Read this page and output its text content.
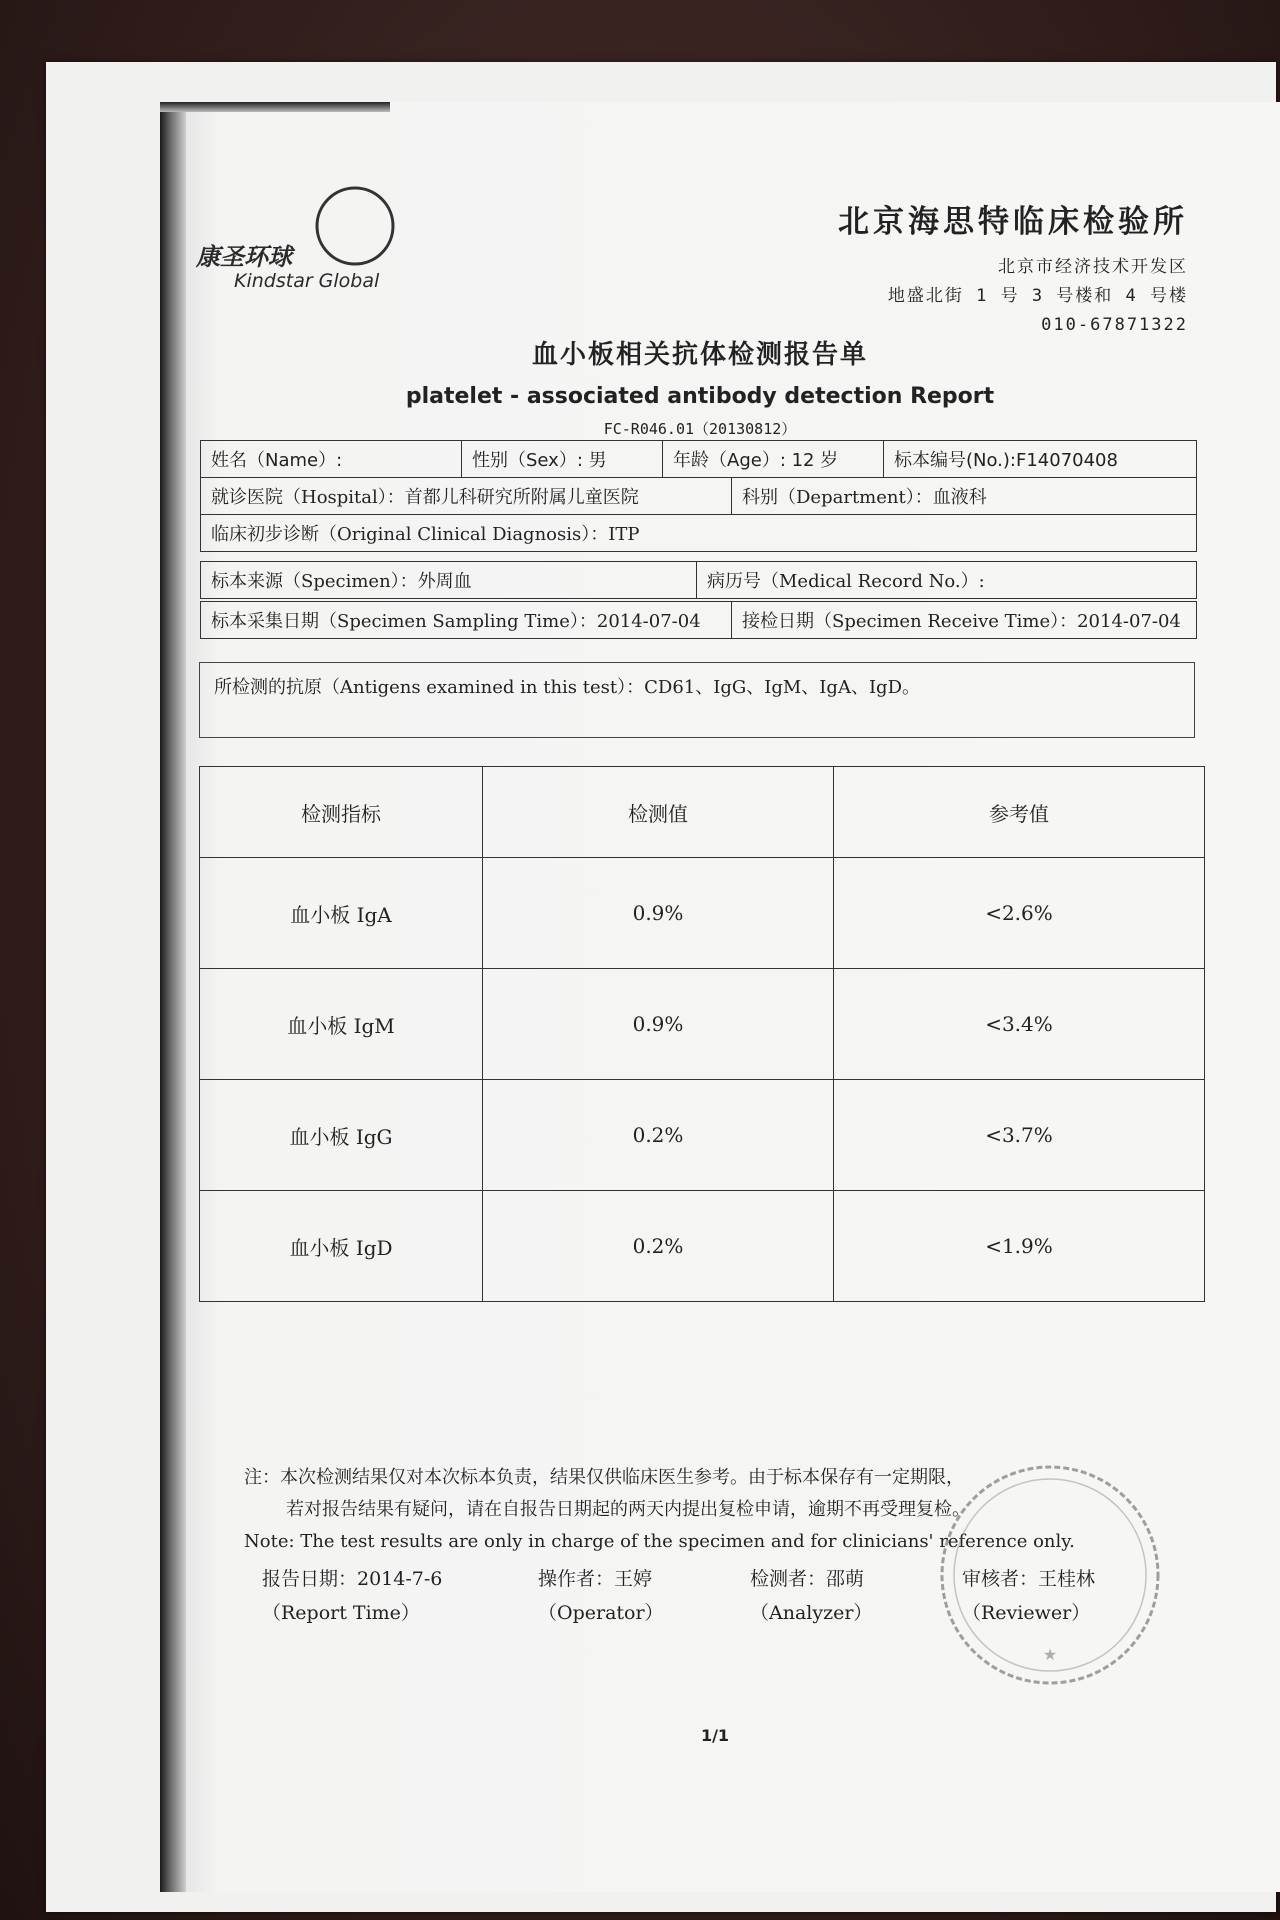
康圣环球
Kindstar Global
北京海思特临床检验所
北京市经济技术开发区
地盛北街 1 号 3 号楼和 4 号楼
010-67871322
血小板相关抗体检测报告单
platelet - associated antibody detection Report
FC-R046.01（20130812）
姓名（Name）:	性别（Sex）: 男	年龄（Age）: 12 岁	标本编号(No.):F14070408
就诊医院（Hospital）：首都儿科研究所附属儿童医院	科别（Department）：血液科
临床初步诊断（Original Clinical Diagnosis）：ITP
标本来源（Specimen）：外周血	病历号（Medical Record No.）:
标本采集日期（Specimen Sampling Time）：2014-07-04	接检日期（Specimen Receive Time）：2014-07-04
所检测的抗原（Antigens examined in this test）：CD61、IgG、IgM、IgA、IgD。
检测指标	检测值	参考值
血小板 IgA	0.9%	<2.6%
血小板 IgM	0.9%	<3.4%
血小板 IgG	0.2%	<3.7%
血小板 IgD	0.2%	<1.9%
注：本次检测结果仅对本次标本负责，结果仅供临床医生参考。由于标本保存有一定期限，
若对报告结果有疑问，请在自报告日期起的两天内提出复检申请，逾期不再受理复检。
Note: The test results are only in charge of the specimen and for clinicians' reference only.
报告日期：2014-7-6
（Report Time）
操作者：王婷
（Operator）
检测者：邵萌
（Analyzer）
审核者：王桂林
（Reviewer）
★
1/1
